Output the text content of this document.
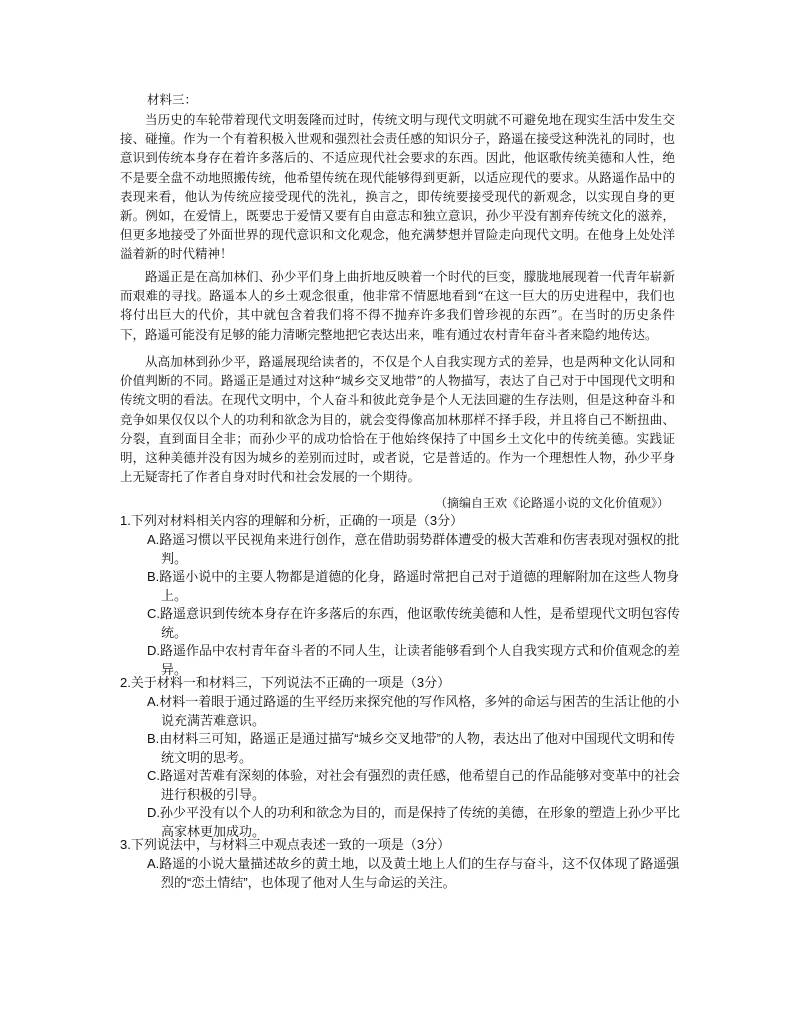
材料三：

当历史的车轮带着现代文明轰隆而过时，传统文明与现代文明就不可避免地在现实生活中发生交接、碰撞。作为一个有着积极入世观和强烈社会责任感的知识分子，路遥在接受这种洗礼的同时，也意识到传统本身存在着许多落后的、不适应现代社会要求的东西。因此，他讴歌传统美德和人性，绝不是要全盘不动地照搬传统，他希望传统在现代能够得到更新，以适应现代的要求。从路遥作品中的表现来看，他认为传统应接受现代的洗礼，换言之，即传统要接受现代的新观念，以实现自身的更新。例如，在爱情上，既要忠于爱情又要有自由意志和独立意识，孙少平没有割弃传统文化的滋养，但更多地接受了外面世界的现代意识和文化观念，他充满梦想并冒险走向现代文明。在他身上处处洋溢着新的时代精神！

路遥正是在高加林们、孙少平们身上曲折地反映着一个时代的巨变，朦胧地展现着一代青年崭新而艰难的寻找。路遥本人的乡土观念很重，他非常不情愿地看到“在这一巨大的历史进程中，我们也将付出巨大的代价，其中就包含着我们将不得不抛弃许多我们曾珍视的东西”。在当时的历史条件下，路遥可能没有足够的能力清晰完整地把它表达出来，唯有通过农村青年奋斗者来隐约地传达。

从高加林到孙少平，路遥展现给读者的，不仅是个人自我实现方式的差异，也是两种文化认同和价值判断的不同。路遥正是通过对这种“城乡交叉地带”的人物描写，表达了自己对于中国现代文明和传统文明的看法。在现代文明中，个人奋斗和彼此竞争是个人无法回避的生存法则，但是这种奋斗和竞争如果仅仅以个人的功利和欲念为目的，就会变得像高加林那样不择手段，并且将自己不断扭曲、分裂，直到面目全非；而孙少平的成功恰恰在于他始终保持了中国乡土文化中的传统美德。实践证明，这种美德并没有因为城乡的差别而过时，或者说，它是普适的。作为一个理想性人物，孙少平身上无疑寄托了作者自身对时代和社会发展的一个期待。

（摘编自王欢《论路遥小说的文化价值观》）
1.下列对材料相关内容的理解和分析，正确的一项是（3分）
A.路遥习惯以平民视角来进行创作，意在借助弱势群体遭受的极大苦难和伤害表现对强权的批判。
B.路遥小说中的主要人物都是道德的化身，路遥时常把自己对于道德的理解附加在这些人物身上。
C.路遥意识到传统本身存在许多落后的东西，他讴歌传统美德和人性，是希望现代文明包容传统。
D.路遥作品中农村青年奋斗者的不同人生，让读者能够看到个人自我实现方式和价值观念的差异。
2.关于材料一和材料三，下列说法不正确的一项是（3分）
A.材料一着眼于通过路遥的生平经历来探究他的写作风格，多舛的命运与困苦的生活让他的小说充满苦难意识。
B.由材料三可知，路遥正是通过描写“城乡交叉地带”的人物，表达出了他对中国现代文明和传统文明的思考。
C.路遥对苦难有深刻的体验，对社会有强烈的责任感，他希望自己的作品能够对变革中的社会进行积极的引导。
D.孙少平没有以个人的功利和欲念为目的，而是保持了传统的美德，在形象的塑造上孙少平比高家林更加成功。
3.下列说法中，与材料三中观点表述一致的一项是（3分）
A.路遥的小说大量描述故乡的黄土地，以及黄土地上人们的生存与奋斗，这不仅体现了路遥强烈的“恋土情结”，也体现了他对人生与命运的关注。
